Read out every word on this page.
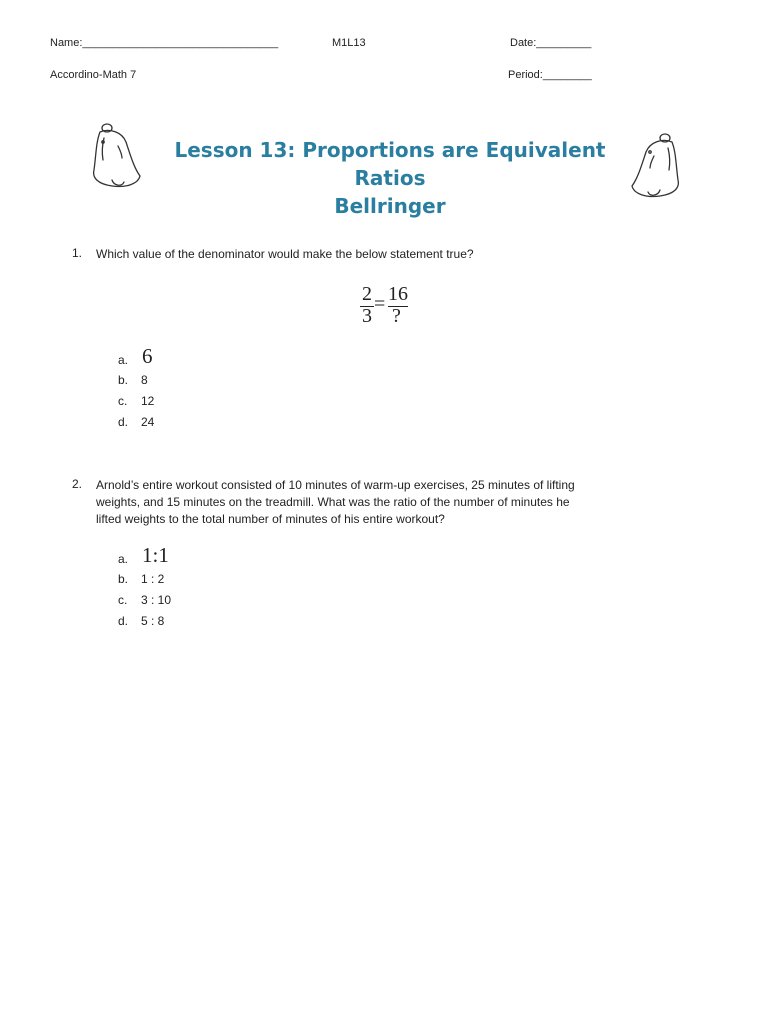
Name:________________________________	M1L13	Date:_________
Accordino-Math 7	Period:________
Lesson 13: Proportions are Equivalent Ratios
Bellringer
1. Which value of the denominator would make the below statement true?
2
3
= 16
?
a. 6
b. 8
c. 12
d. 24
2. Arnold’s entire workout consisted of 10 minutes of warm-up exercises, 25 minutes of lifting
weights, and 15 minutes on the treadmill. What was the ratio of the number of minutes he
lifted weights to the total number of minutes of his entire workout?
a. 1:1
b. 1 : 2
c. 3 : 10
d. 5 : 8
